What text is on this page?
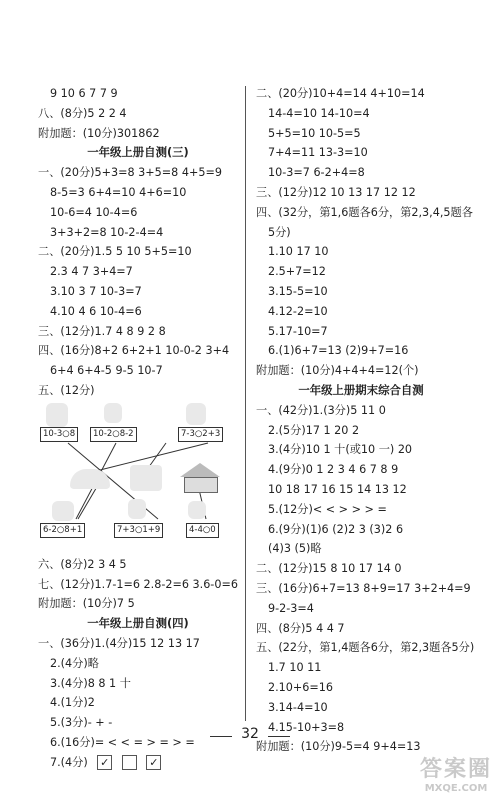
9 10 6 7 7 9
八、(8分)5 2 2 4
附加题：(10分)301862
一年级上册自测(三)
一、(20分)5+3=8 3+5=8 4+5=9
8-5=3 6+4=10 4+6=10
10-6=4 10-4=6
3+3+2=8 10-2-4=4
二、(20分)1.5 5 10 5+5=10
2.3 4 7 3+4=7
3.10 3 7 10-3=7
4.10 4 6 10-4=6
三、(12分)1.7 4 8 9 2 8
四、(16分)8+2 6+2+1 10-0-2 3+4
6+4 6+4-5 9-5 10-7
五、(12分)
10-3○8	10-2○8-2	7-3○2+3
6-2○8+1	7+3○1+9	4-4○0
六、(8分)2 3 4 5
七、(12分)1.7-1=6 2.8-2=6 3.6-0=6
附加题：(10分)7 5
一年级上册自测(四)
一、(36分)1.(4分)15 12 13 17
2.(4分)略
3.(4分)8 8 1 十
4.(1分)2
5.(3分)- + -
6.(16分)= < < = > = > =
7.(4分) ✓	✓
二、(20分)10+4=14 4+10=14
14-4=10 14-10=4
5+5=10 10-5=5
7+4=11 13-3=10
10-3=7 6-2+4=8
三、(12分)12 10 13 17 12 12
四、(32分，第1,6题各6分，第2,3,4,5题各
5分)
1.10 17 10
2.5+7=12
3.15-5=10
4.12-2=10
5.17-10=7
6.(1)6+7=13 (2)9+7=16
附加题：(10分)4+4+4=12(个)
一年级上册期末综合自测
一、(42分)1.(3分)5 11 0
2.(5分)17 1 20 2
3.(4分)10 1 十(或10 一) 20
4.(9分)0 1 2 3 4 6 7 8 9
10 18 17 16 15 14 13 12
5.(12分)< < > > > =
6.(9分)(1)6 (2)2 3 (3)2 6
(4)3 (5)略
二、(12分)15 8 10 17 14 0
三、(16分)6+7=13 8+9=17 3+2+4=9
9-2-3=4
四、(8分)5 4 4 7
五、(22分，第1,4题各6分，第2,3题各5分)
1.7 10 11
2.10+6=16
3.14-4=10
4.15-10+3=8
附加题：(10分)9-5=4 9+4=13
32
答案圈
MXQE.COM
